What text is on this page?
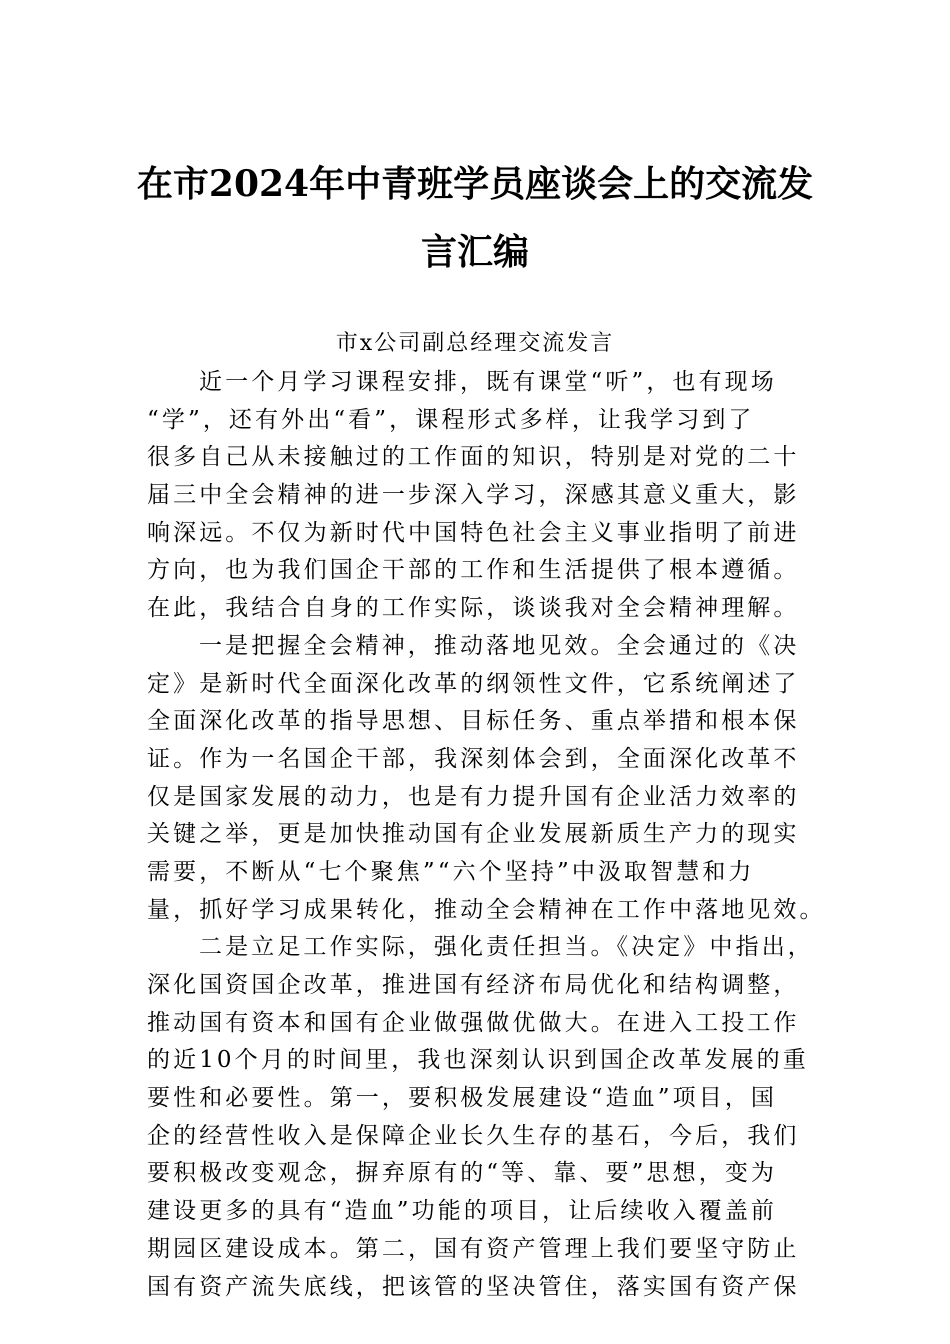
在市2024年中青班学员座谈会上的交流发
言汇编
市x公司副总经理交流发言
近一个月学习课程安排，既有课堂“听”，也有现场
“学”，还有外出“看”，课程形式多样，让我学习到了
很多自己从未接触过的工作面的知识，特别是对党的二十
届三中全会精神的进一步深入学习，深感其意义重大，影
响深远。不仅为新时代中国特色社会主义事业指明了前进
方向，也为我们国企干部的工作和生活提供了根本遵循。
在此，我结合自身的工作实际，谈谈我对全会精神理解。
一是把握全会精神，推动落地见效。全会通过的《决
定》是新时代全面深化改革的纲领性文件，它系统阐述了
全面深化改革的指导思想、目标任务、重点举措和根本保
证。作为一名国企干部，我深刻体会到，全面深化改革不
仅是国家发展的动力，也是有力提升国有企业活力效率的
关键之举，更是加快推动国有企业发展新质生产力的现实
需要，不断从“七个聚焦”“六个坚持”中汲取智慧和力
量，抓好学习成果转化，推动全会精神在工作中落地见效。
二是立足工作实际，强化责任担当。《决定》中指出，
深化国资国企改革，推进国有经济布局优化和结构调整，
推动国有资本和国有企业做强做优做大。在进入工投工作
的近10个月的时间里，我也深刻认识到国企改革发展的重
要性和必要性。第一，要积极发展建设“造血”项目，国
企的经营性收入是保障企业长久生存的基石，今后，我们
要积极改变观念，摒弃原有的“等、靠、要”思想，变为
建设更多的具有“造血”功能的项目，让后续收入覆盖前
期园区建设成本。第二，国有资产管理上我们要坚守防止
国有资产流失底线，把该管的坚决管住，落实国有资产保
